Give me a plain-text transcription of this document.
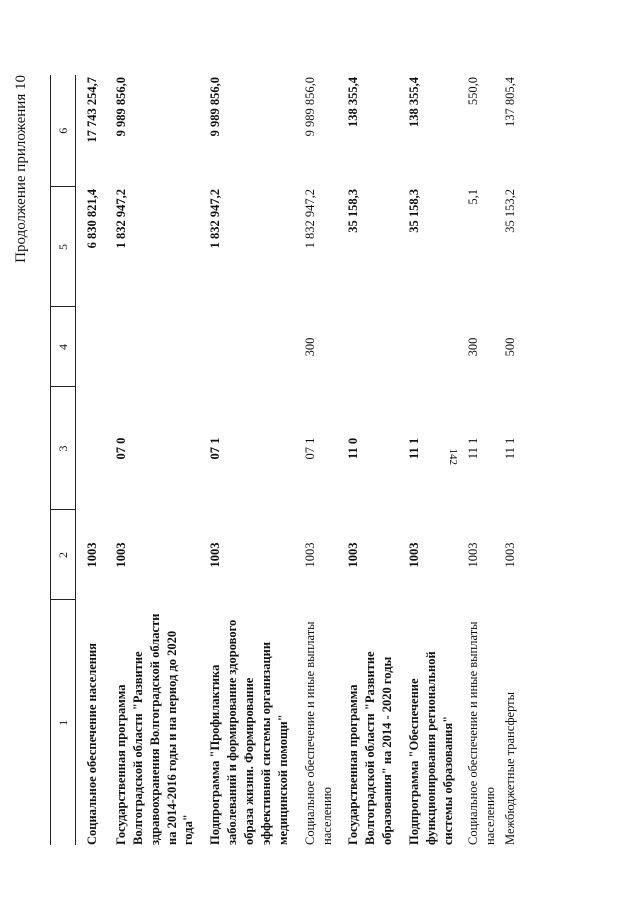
142
Продолжение приложения 10
1	2	3	4	5	6
Социальное обеспечение населения	1003			6 830 821,4	17 743 254,7
Государственная программа Волгоградской области "Развитие здравоохранения Волгоградской области на 2014-2016 годы и на период до 2020 года"	1003	07 0		1 832 947,2	9 989 856,0
Подпрограмма "Профилактика заболеваний и формирование здорового образа жизни. Формирование эффективной системы организации медицинской помощи"	1003	07 1		1 832 947,2	9 989 856,0
Социальное обеспечение и иные выплаты населению	1003	07 1	300	1 832 947,2	9 989 856,0
Государственная программа Волгоградской области "Развитие образования" на 2014 - 2020 годы	1003	11 0		35 158,3	138 355,4
Подпрограмма "Обеспечение функционирования региональной системы образования"	1003	11 1		35 158,3	138 355,4
Социальное обеспечение и иные выплаты населению	1003	11 1	300	5,1	550,0
Межбюджетные трансферты	1003	11 1	500	35 153,2	137 805,4
